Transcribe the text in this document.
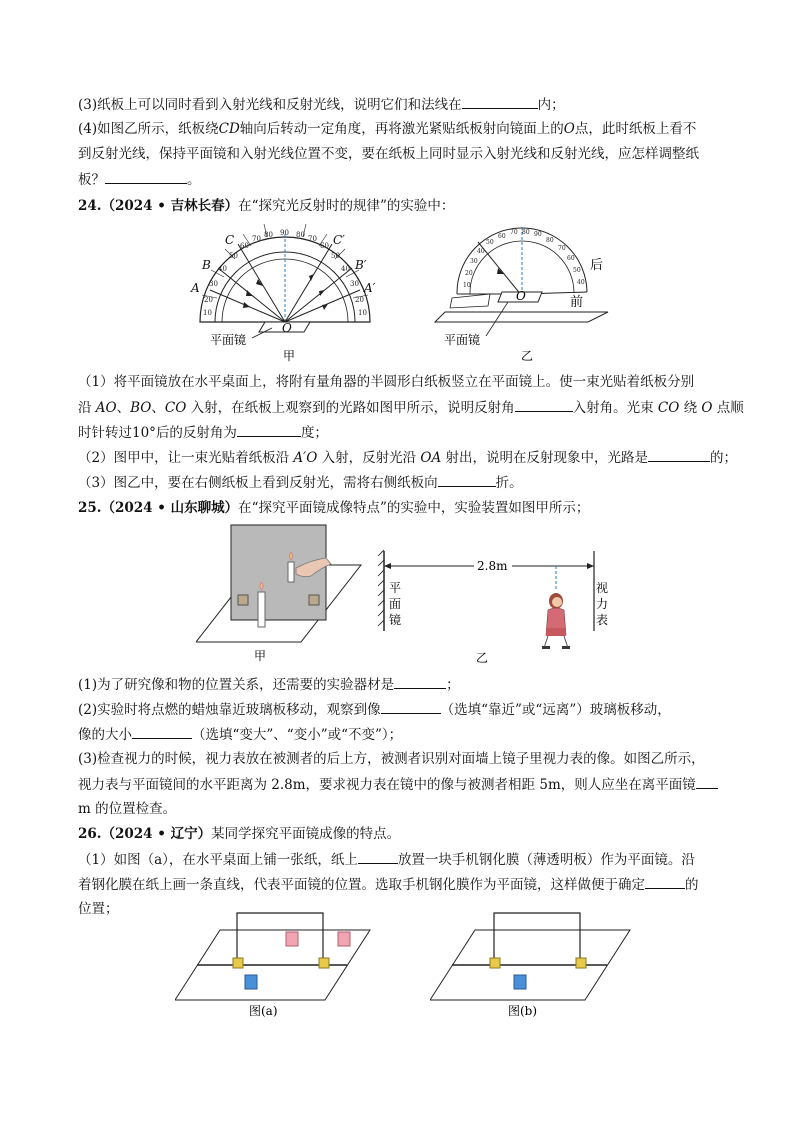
(3)纸板上可以同时看到入射光线和反射光线，说明它们和法线在	内；
(4)如图乙所示，纸板绕CD轴向后转动一定角度，再将激光紧贴纸板射向镜面上的O点，此时纸板上看不
到反射光线，保持平面镜和入射光线位置不变，要在纸板上同时显示入射光线和反射光线，应怎样调整纸
板？	。
24.（2024 • 吉林长春）在“探究光反射时的规律”的实验中：
10
20
30
40
50
60
70 80 90 80 70
60
50
40
30
20
10
C
B
A
C′
B′
A′
O
平面镜
甲
10
20
30
40
50
60
70 80 90
80
70
60
50
40
O
后
前
平面镜
乙
（1）将平面镜放在水平桌面上，将附有量角器的半圆形白纸板竖立在平面镜上。使一束光贴着纸板分别
沿 AO、BO、CO 入射，在纸板上观察到的光路如图甲所示，说明反射角	入射角。光束 CO 绕 O 点顺
时针转过10°后的反射角为	度；
（2）图甲中，让一束光贴着纸板沿 A′O 入射，反射光沿 OA 射出，说明在反射现象中，光路是	的；
（3）图乙中，要在右侧纸板上看到反射光，需将右侧纸板向	折。
25.（2024 • 山东聊城）在“探究平面镜成像特点”的实验中，实验装置如图甲所示；
甲
2.8m
平
面
镜
视
力
表
乙
(1)为了研究像和物的位置关系，还需要的实验器材是	；
(2)实验时将点燃的蜡烛靠近玻璃板移动，观察到像	（选填“靠近”或“远离”）玻璃板移动，
像的大小	（选填“变大”、“变小”或“不变”）；
(3)检查视力的时候，视力表放在被测者的后上方，被测者识别对面墙上镜子里视力表的像。如图乙所示，
视力表与平面镜间的水平距离为 2.8m，要求视力表在镜中的像与被测者相距 5m，则人应坐在离平面镜
m 的位置检查。
26.（2024 • 辽宁）某同学探究平面镜成像的特点。
（1）如图（a），在水平桌面上铺一张纸，纸上	放置一块手机钢化膜（薄透明板）作为平面镜。沿
着钢化膜在纸上画一条直线，代表平面镜的位置。选取手机钢化膜作为平面镜，这样做便于确定	的
位置；
图(a)	图(b)
